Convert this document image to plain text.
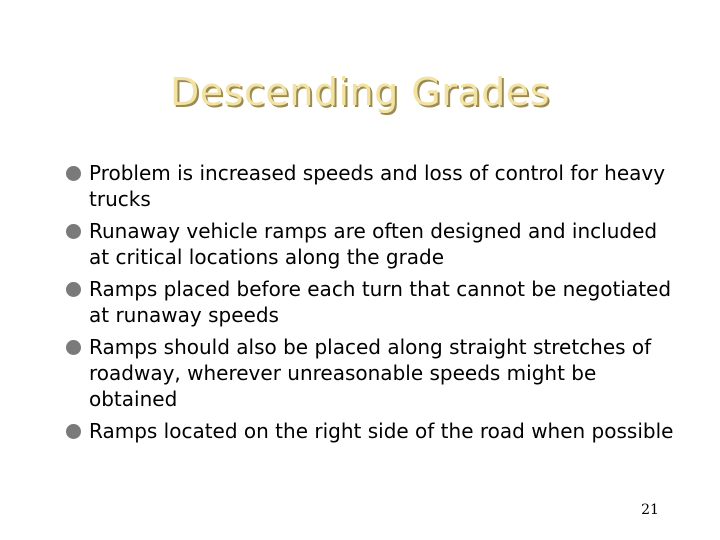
Descending Grades
Problem is increased speeds and loss of control for heavy trucks
Runaway vehicle ramps are often designed and included at critical locations along the grade
Ramps placed before each turn that cannot be negotiated at runaway speeds
Ramps should also be placed along straight stretches of roadway, wherever unreasonable speeds might be obtained
Ramps located on the right side of the road when possible
21
